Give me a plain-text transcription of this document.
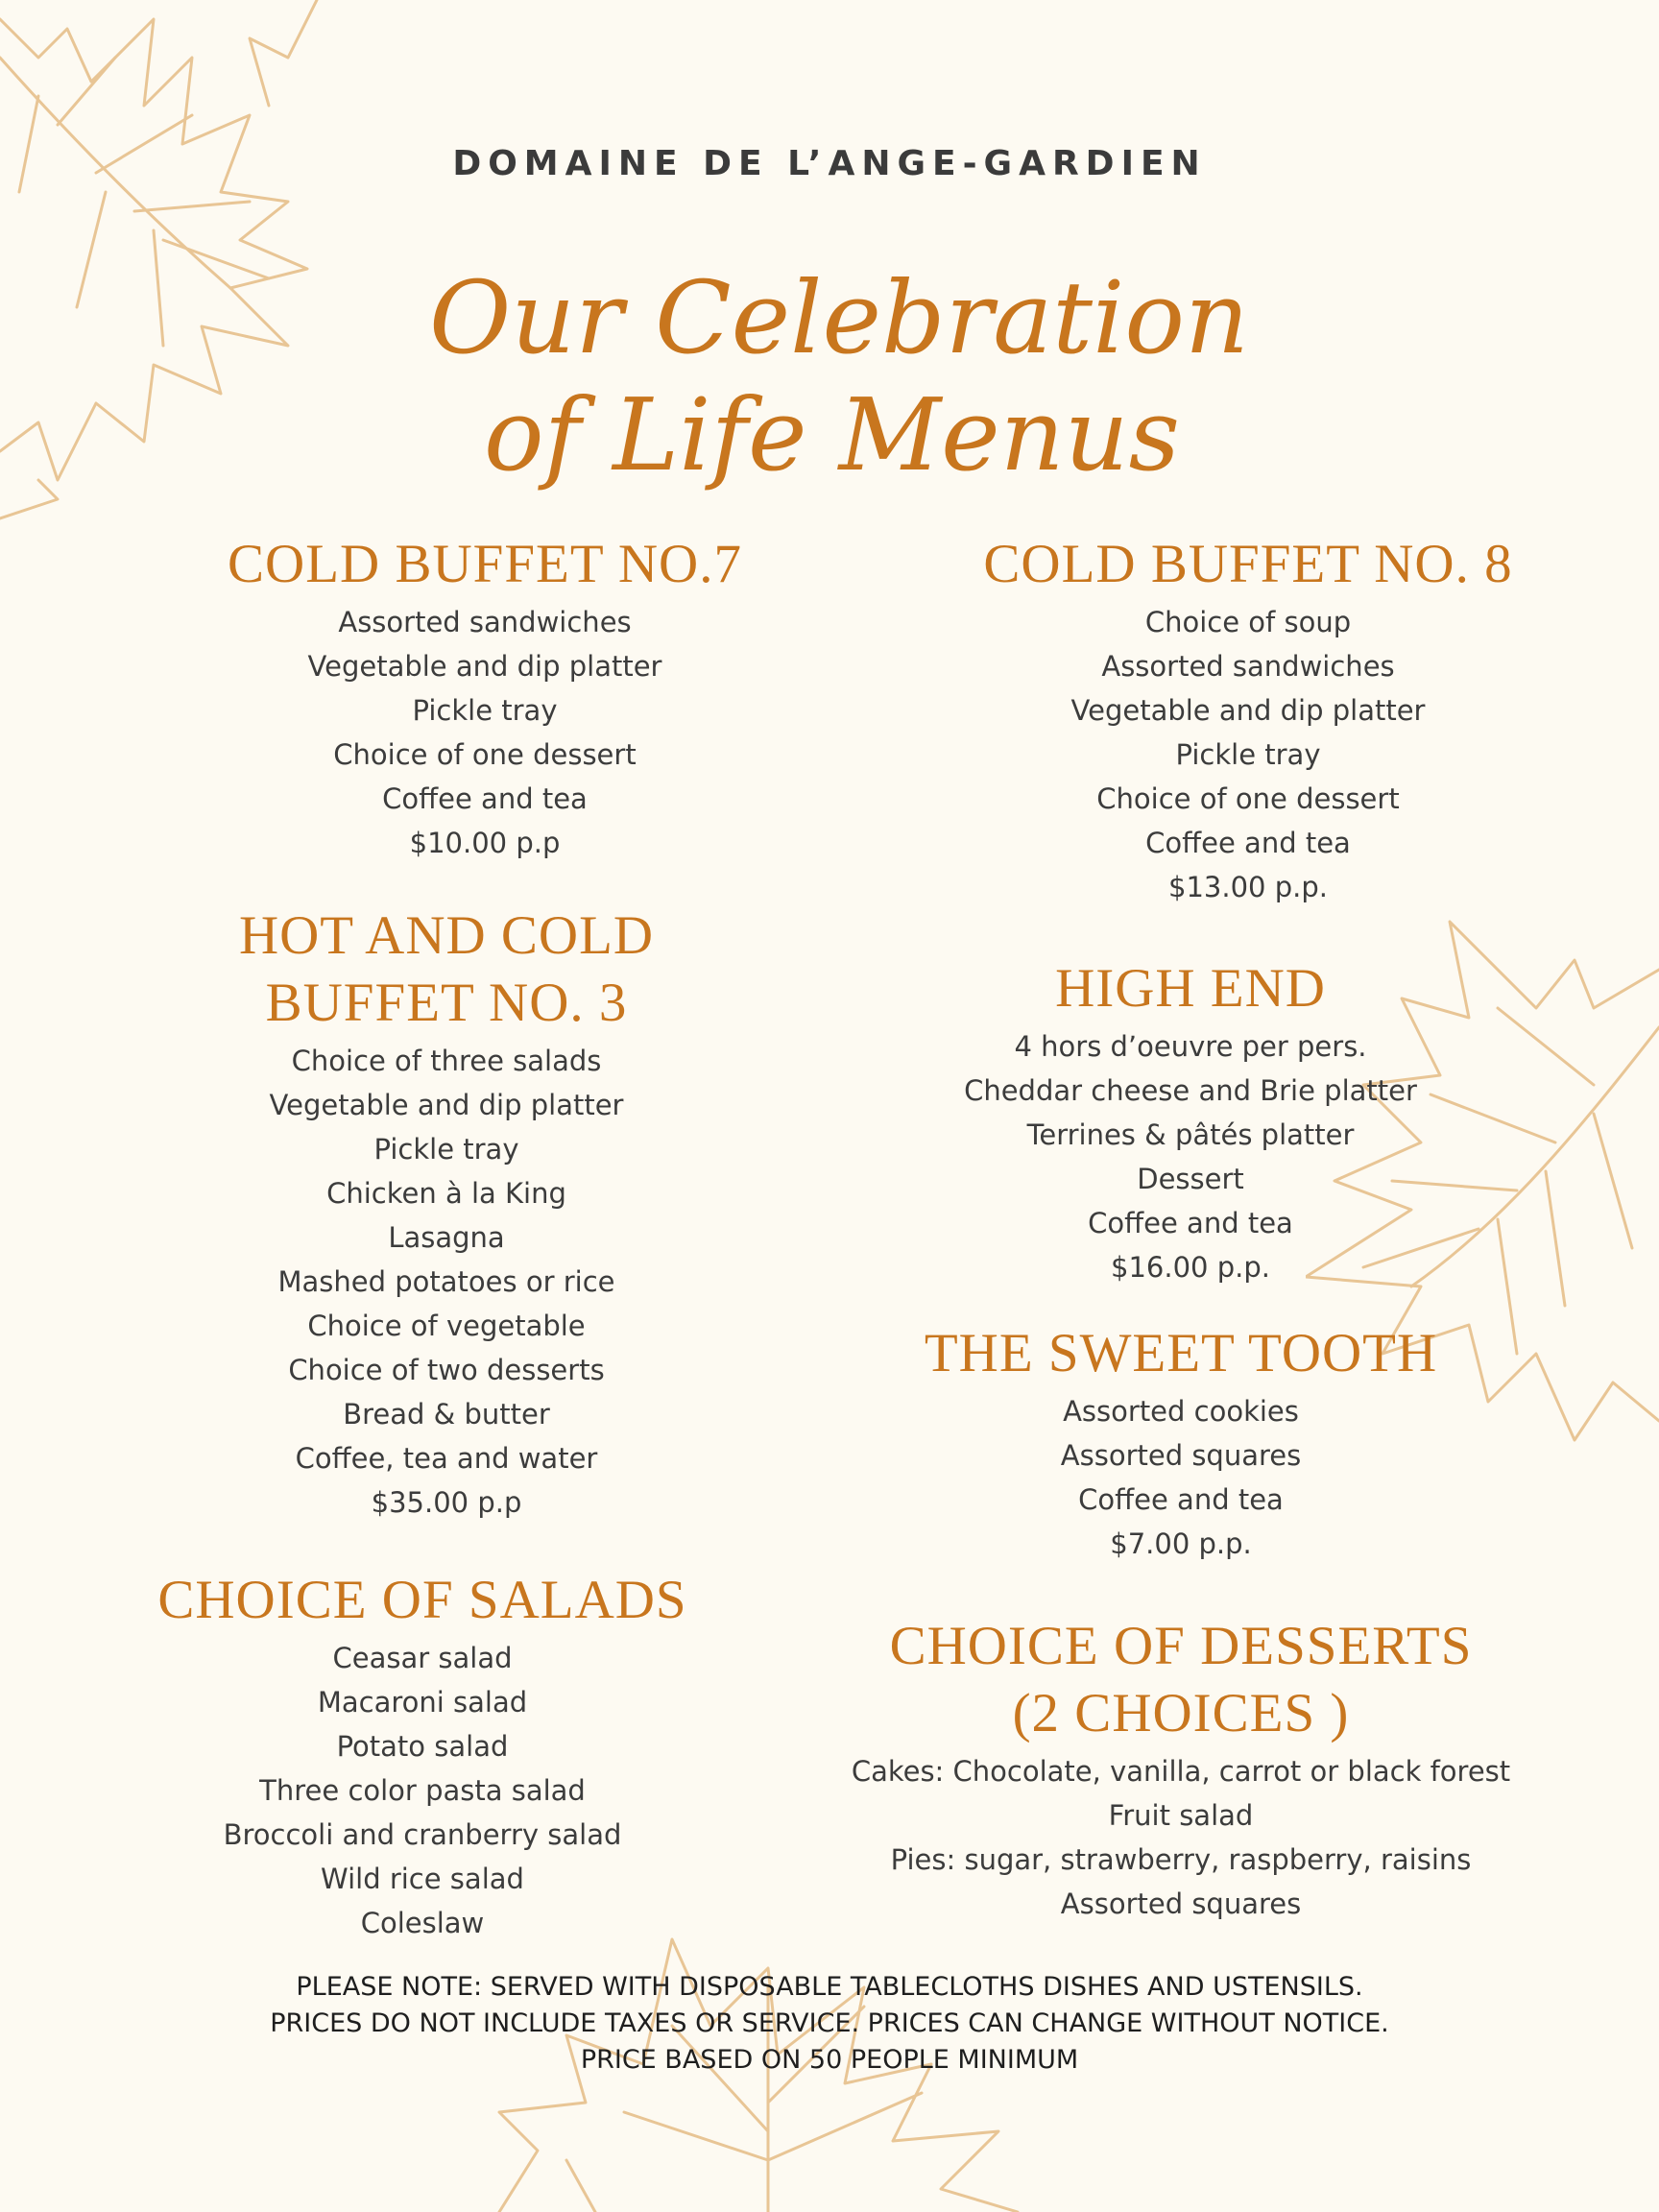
DOMAINE DE L’ANGE-GARDIEN
Our Celebration
of Life Menus
COLD BUFFET NO.7
Assorted sandwiches
Vegetable and dip platter
Pickle tray
Choice of one dessert
Coffee and tea
$10.00 p.p
COLD BUFFET NO. 8
Choice of soup
Assorted sandwiches
Vegetable and dip platter
Pickle tray
Choice of one dessert
Coffee and tea
$13.00 p.p.
HOT AND COLD
BUFFET NO. 3
Choice of three salads
Vegetable and dip platter
Pickle tray
Chicken à la King
Lasagna
Mashed potatoes or rice
Choice of vegetable
Choice of two desserts
Bread & butter
Coffee, tea and water
$35.00 p.p
HIGH END
4 hors d’oeuvre per pers.
Cheddar cheese and Brie platter
Terrines & pâtés platter
Dessert
Coffee and tea
$16.00 p.p.
THE SWEET TOOTH
Assorted cookies
Assorted squares
Coffee and tea
$7.00 p.p.
CHOICE OF SALADS
Ceasar salad
Macaroni salad
Potato salad
Three color pasta salad
Broccoli and cranberry salad
Wild rice salad
Coleslaw
CHOICE OF DESSERTS
(2 CHOICES )
Cakes: Chocolate, vanilla, carrot or black forest
Fruit salad
Pies: sugar, strawberry, raspberry, raisins
Assorted squares
PLEASE NOTE: SERVED WITH DISPOSABLE TABLECLOTHS DISHES AND USTENSILS.
PRICES DO NOT INCLUDE TAXES OR SERVICE. PRICES CAN CHANGE WITHOUT NOTICE.
PRICE BASED ON 50 PEOPLE MINIMUM
